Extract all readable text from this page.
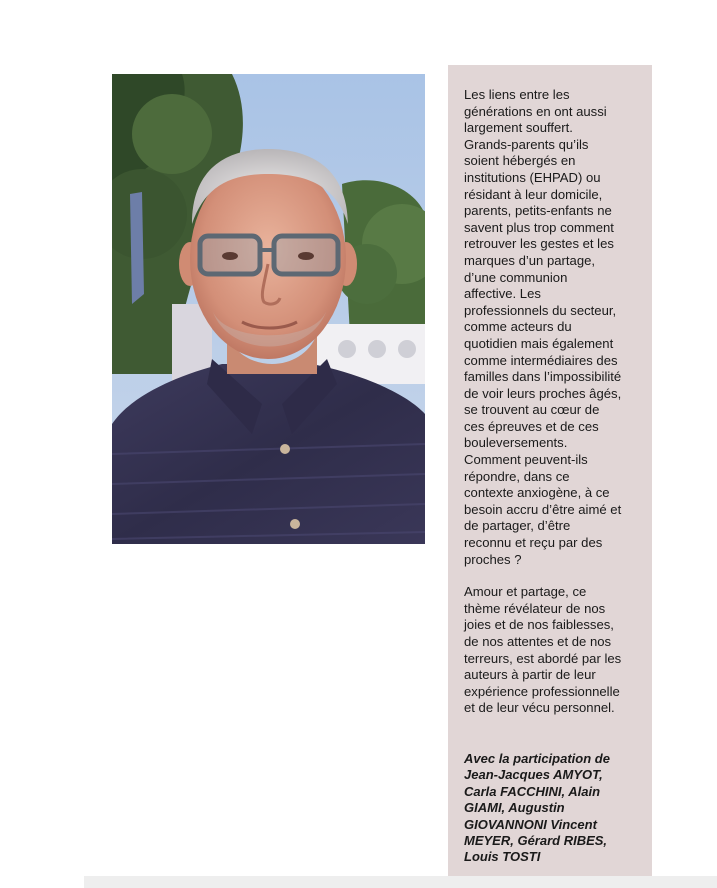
Les liens entre les
générations en ont aussi
largement souffert.
Grands-parents qu’ils
soient hébergés en
institutions (EHPAD) ou
résidant à leur domicile,
parents, petits-enfants ne
savent plus trop comment
retrouver les gestes et les
marques d’un partage,
d’une communion
affective. Les
professionnels du secteur,
comme acteurs du
quotidien mais également
comme intermédiaires des
familles dans l’impossibilité
de voir leurs proches âgés,
se trouvent au cœur de
ces épreuves et de ces
bouleversements.
Comment peuvent-ils
répondre, dans ce
contexte anxiogène, à ce
besoin accru d’être aimé et
de partager, d’être
reconnu et reçu par des
proches ?

Amour et partage, ce
thème révélateur de nos
joies et de nos faiblesses,
de nos attentes et de nos
terreurs, est abordé par les
auteurs à partir de leur
expérience professionnelle
et de leur vécu personnel.

Avec la participation de
Jean-Jacques AMYOT,
Carla FACCHINI, Alain
GIAMI, Augustin
GIOVANNONI Vincent
MEYER, Gérard RIBES,
Louis TOSTI
